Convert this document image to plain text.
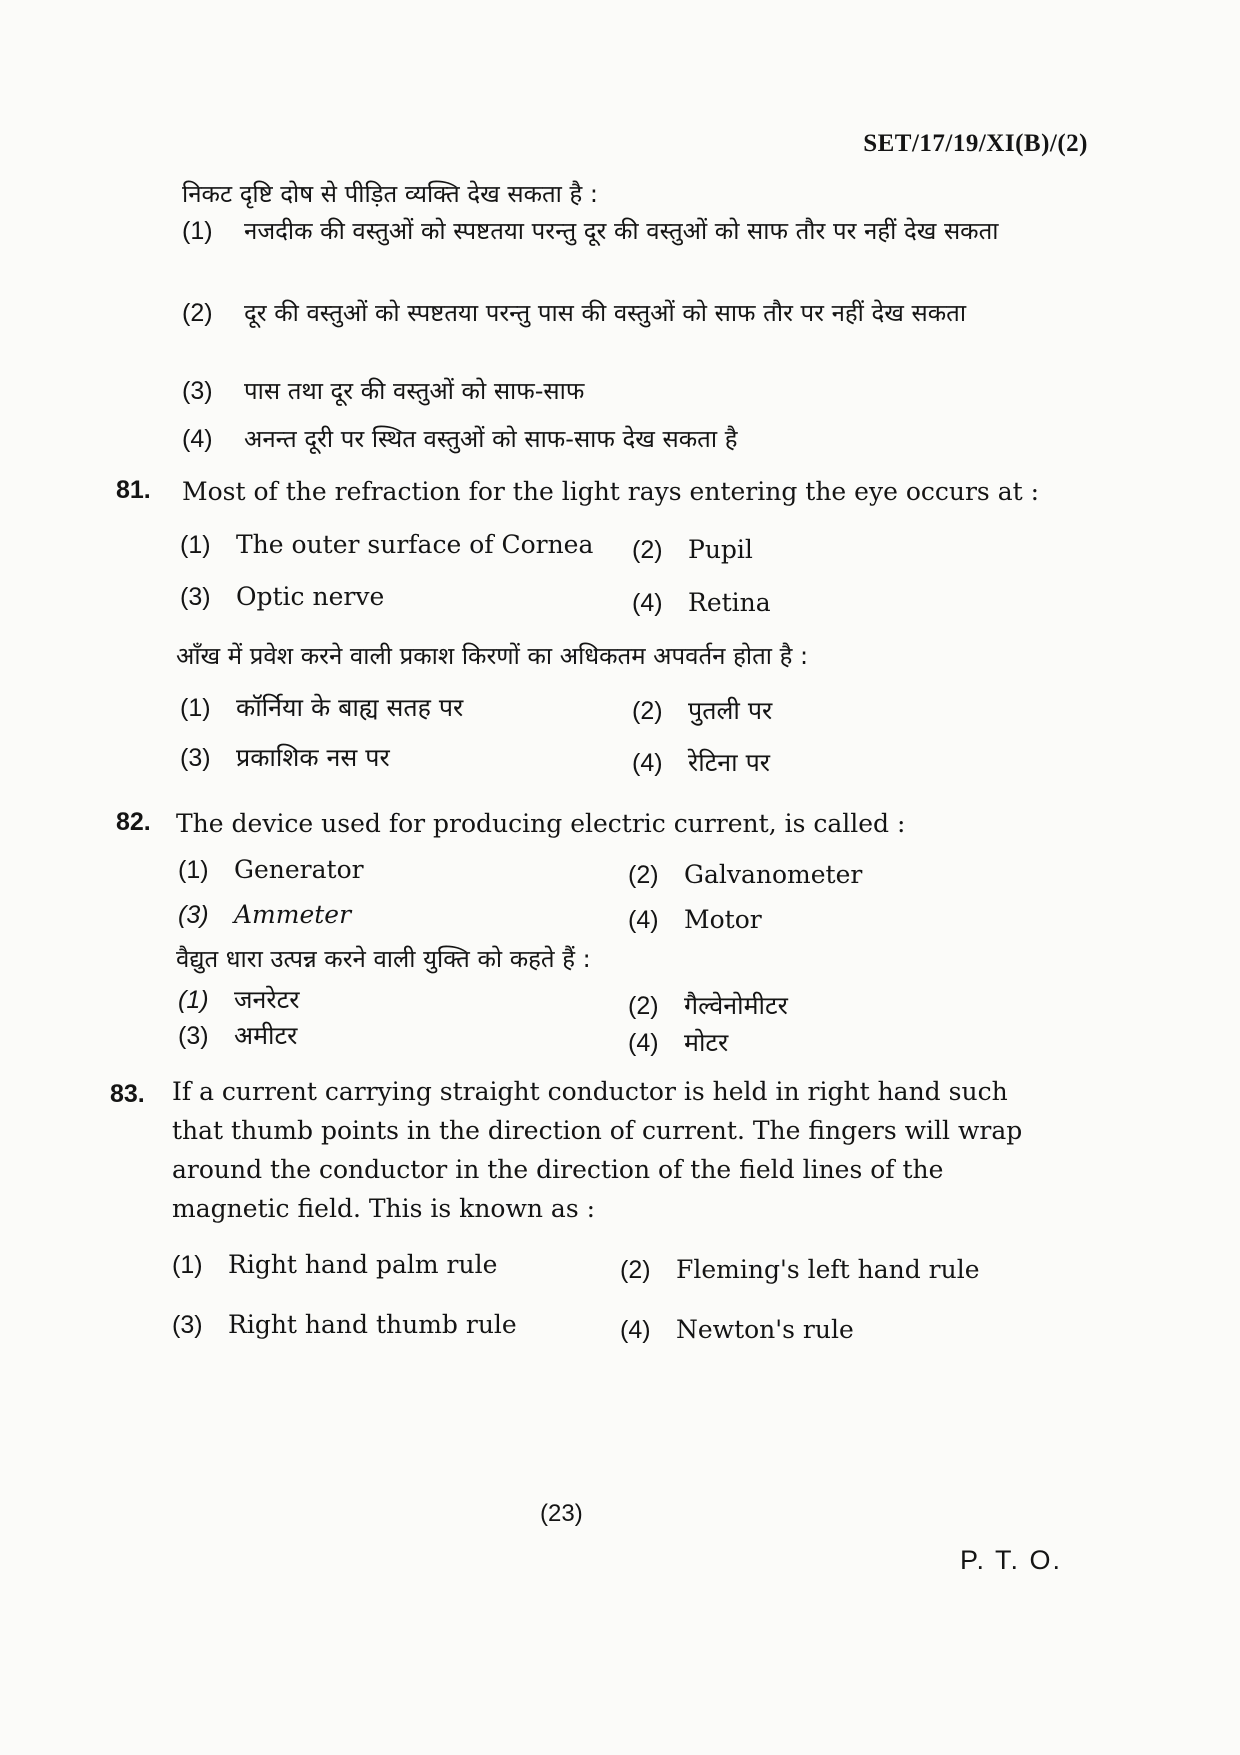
SET/17/19/XI(B)/(2)
निकट दृष्टि दोष से पीड़ित व्यक्ति देख सकता है :
(1) नजदीक की वस्तुओं को स्पष्टतया परन्तु दूर की वस्तुओं को साफ तौर पर नहीं देख सकता
(2) दूर की वस्तुओं को स्पष्टतया परन्तु पास की वस्तुओं को साफ तौर पर नहीं देख सकता
(3) पास तथा दूर की वस्तुओं को साफ-साफ
(4) अनन्त दूरी पर स्थित वस्तुओं को साफ-साफ देख सकता है
81. Most of the refraction for the light rays entering the eye occurs at :
(1) The outer surface of Cornea (2) Pupil
(3) Optic nerve	(4) Retina
आँख में प्रवेश करने वाली प्रकाश किरणों का अधिकतम अपवर्तन होता है :
(1) कॉर्निया के बाह्य सतह पर	(2) पुतली पर
(3) प्रकाशिक नस पर	(4) रेटिना पर
82. The device used for producing electric current, is called :
(1) Generator	(2) Galvanometer
(3) Ammeter	(4) Motor
वैद्युत धारा उत्पन्न करने वाली युक्ति को कहते हैं :
(1) जनरेटर	(2) गैल्वेनोमीटर
(3) अमीटर	(4) मोटर
83. If a current carrying straight conductor is held in right hand such that thumb points in the direction of current. The fingers will wrap around the conductor in the direction of the field lines of the magnetic field. This is known as :
(1) Right hand palm rule	(2) Fleming's left hand rule
(3) Right hand thumb rule	(4) Newton's rule
(23)
P. T. O.
